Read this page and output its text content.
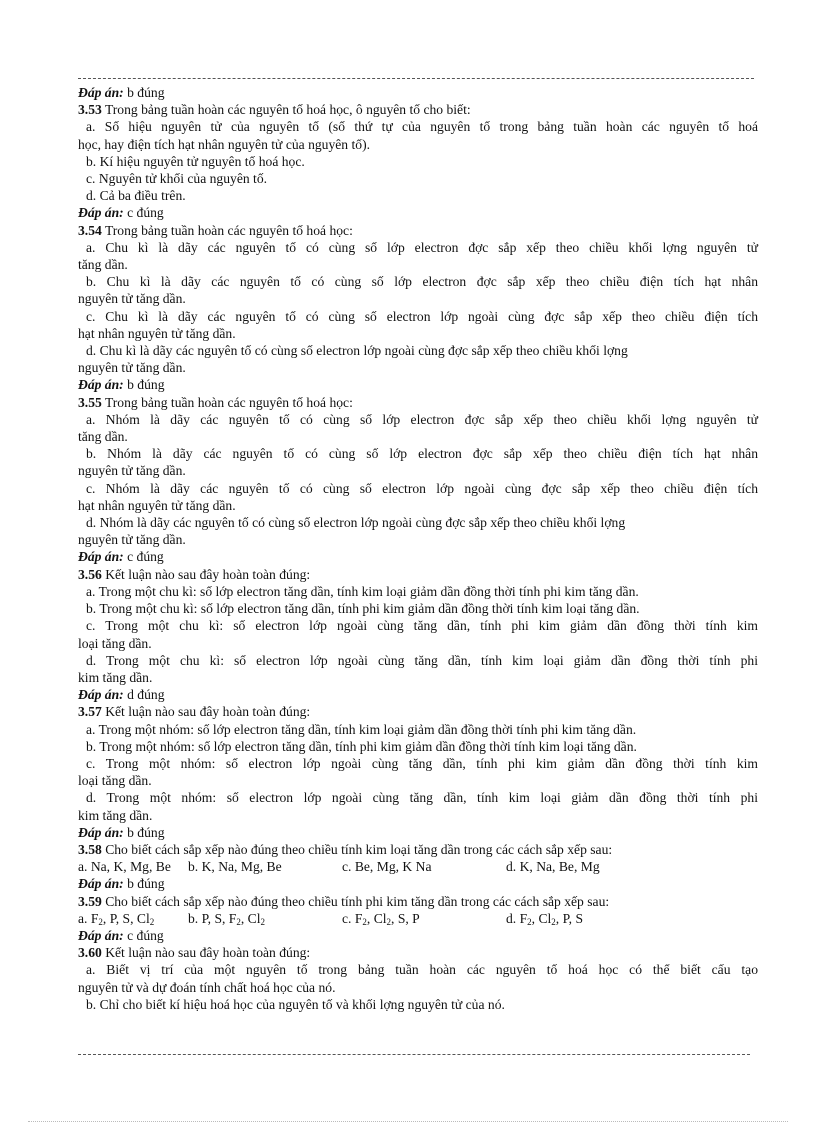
Đáp án: b đúng
3.53 Trong bảng tuần hoàn các nguyên tố hoá học, ô nguyên tố cho biết:
a. Số hiệu nguyên tử của nguyên tố (số thứ tự của nguyên tố trong bảng tuần hoàn các nguyên tố hoá
học, hay điện tích hạt nhân nguyên tử của nguyên tố).
b. Kí hiệu nguyên tử nguyên tố hoá học.
c. Nguyên tử khối của nguyên tố.
d. Cả ba điều trên.
Đáp án: c đúng
3.54 Trong bảng tuần hoàn các nguyên tố hoá học:
a. Chu kì là dãy các nguyên tố có cùng số lớp electron đợc sắp xếp theo chiều khối lợng nguyên tử
tăng dần.
b. Chu kì là dãy các nguyên tố có cùng số lớp electron đợc sắp xếp theo chiều điện tích hạt nhân
nguyên tử tăng dần.
c. Chu kì là dãy các nguyên tố có cùng số electron lớp ngoài cùng đợc sắp xếp theo chiều điện tích
hạt nhân nguyên tử tăng dần.
d. Chu kì là dãy các nguyên tố có cùng số electron lớp ngoài cùng đợc sắp xếp theo chiều khối lợng
nguyên tử tăng dần.
Đáp án: b đúng
3.55 Trong bảng tuần hoàn các nguyên tố hoá học:
a. Nhóm là dãy các nguyên tố có cùng số lớp electron đợc sắp xếp theo chiều khối lợng nguyên tử
tăng dần.
b. Nhóm là dãy các nguyên tố có cùng số lớp electron đợc sắp xếp theo chiều điện tích hạt nhân
nguyên tử tăng dần.
c. Nhóm là dãy các nguyên tố có cùng số electron lớp ngoài cùng đợc sắp xếp theo chiều điện tích
hạt nhân nguyên tử tăng dần.
d. Nhóm là dãy các nguyên tố có cùng số electron lớp ngoài cùng đợc sắp xếp theo chiều khối lợng
nguyên tử tăng dần.
Đáp án: c đúng
3.56 Kết luận nào sau đây hoàn toàn đúng:
a. Trong một chu kì: số lớp electron tăng dần, tính kim loại giảm dần đồng thời tính phi kim tăng dần.
b. Trong một chu kì: số lớp electron tăng dần, tính phi kim giảm dần đồng thời tính kim loại tăng dần.
c. Trong một chu kì: số electron lớp ngoài cùng tăng dần, tính phi kim giảm dần đồng thời tính kim
loại tăng dần.
d. Trong một chu kì: số electron lớp ngoài cùng tăng dần, tính kim loại giảm dần đồng thời tính phi
kim tăng dần.
Đáp án: d đúng
3.57 Kết luận nào sau đây hoàn toàn đúng:
a. Trong một nhóm: số lớp electron tăng dần, tính kim loại giảm dần đồng thời tính phi kim tăng dần.
b. Trong một nhóm: số lớp electron tăng dần, tính phi kim giảm dần đồng thời tính kim loại tăng dần.
c. Trong một nhóm: số electron lớp ngoài cùng tăng dần, tính phi kim giảm dần đồng thời tính kim
loại tăng dần.
d. Trong một nhóm: số electron lớp ngoài cùng tăng dần, tính kim loại giảm dần đồng thời tính phi
kim tăng dần.
Đáp án: b đúng
3.58 Cho biết cách sắp xếp nào đúng theo chiều tính kim loại tăng dần trong các cách sắp xếp sau:
a. Na, K, Mg, Be	b. K, Na, Mg, Be	c. Be, Mg, K Na	d. K, Na, Be, Mg
Đáp án: b đúng
3.59 Cho biết cách sắp xếp nào đúng theo chiều tính phi kim tăng dần trong các cách sắp xếp sau:
a. $F_2$, P, S, $Cl_2$	b. P, S, $F_2$, $Cl_2$	c. $F_2$, $Cl_2$, S, P	d. $F_2$, $Cl_2$, P, S
Đáp án: c đúng
3.60 Kết luận nào sau đây hoàn toàn đúng:
a. Biết vị trí của một nguyên tố trong bảng tuần hoàn các nguyên tố hoá học có thể biết cấu tạo
nguyên tử và dự đoán tính chất hoá học của nó.
b. Chỉ cho biết kí hiệu hoá học của nguyên tố và khối lợng nguyên tử của nó.
